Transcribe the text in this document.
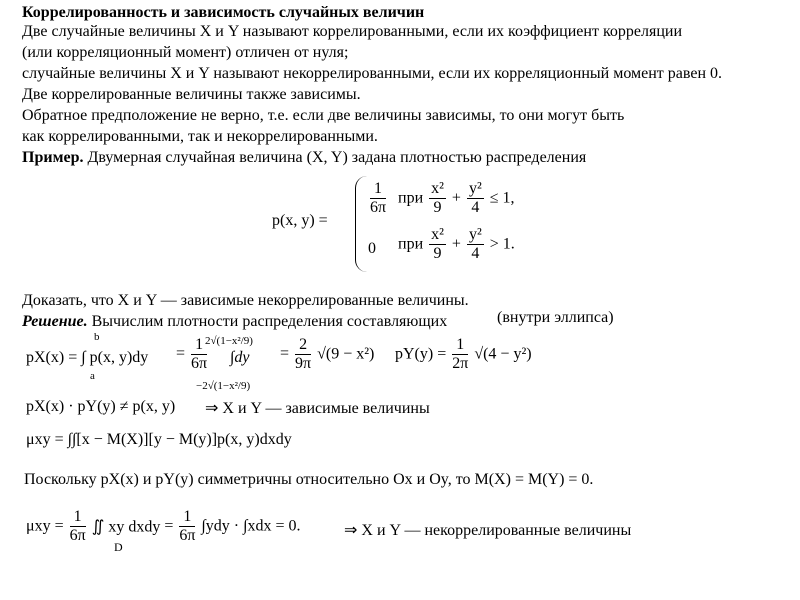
Коррелированность и зависимость случайных величин
Две случайные величины X и Y называют коррелированными, если их коэффициент корреляции
(или корреляционный момент) отличен от нуля;
случайные величины X и Y называют некоррелированными, если их корреляционный момент равен 0.
Две коррелированные величины также зависимы.
Обратное предположение не верно, т.е. если две величины зависимы, то они могут быть
как коррелированными, так и некоррелированными.
Пример. Двумерная случайная величина (X, Y) задана плотностью распределения
p(x, y) =
$\frac{1}{6\pi}$ при $\frac{\text{x²}}{9} + \frac{\text{y²}}{4} \le 1$,
0 при $\frac{\text{x²}}{9} + \frac{\text{y²}}{4} > 1$.
Доказать, что X и Y — зависимые некоррелированные величины.
Решение. Вычислим плотности распределения составляющих	(внутри эллипса)
b
a
pX(x) = ∫ p(x, $y)dy = \frac{1}{6\pi}$
2√(1−x²/9)
∫dy
−2√(1−x²/9)
= $\frac{2}{9\pi} √(9 - x^2) pY(y) = \frac{1}{2\pi} √(4 - y^2)$
pX(x) · pY(y) ≠ p(x, y) ⇒ X и Y — зависимые величины
μxy = ∫∫[x − M(X)][y − M(y)]p(x, y)dxdy
Поскольку pX(x) и pY(y) симметричны относительно Ox и Oy, то M(X) = M(Y) = 0.
$\mu xy = \frac{1}{6\pi}$ ∬ xy dxdy = $\frac{1}{6\pi} \int ydy \cdot \int xdx = 0$.
D
⇒ X и Y — некоррелированные величины
